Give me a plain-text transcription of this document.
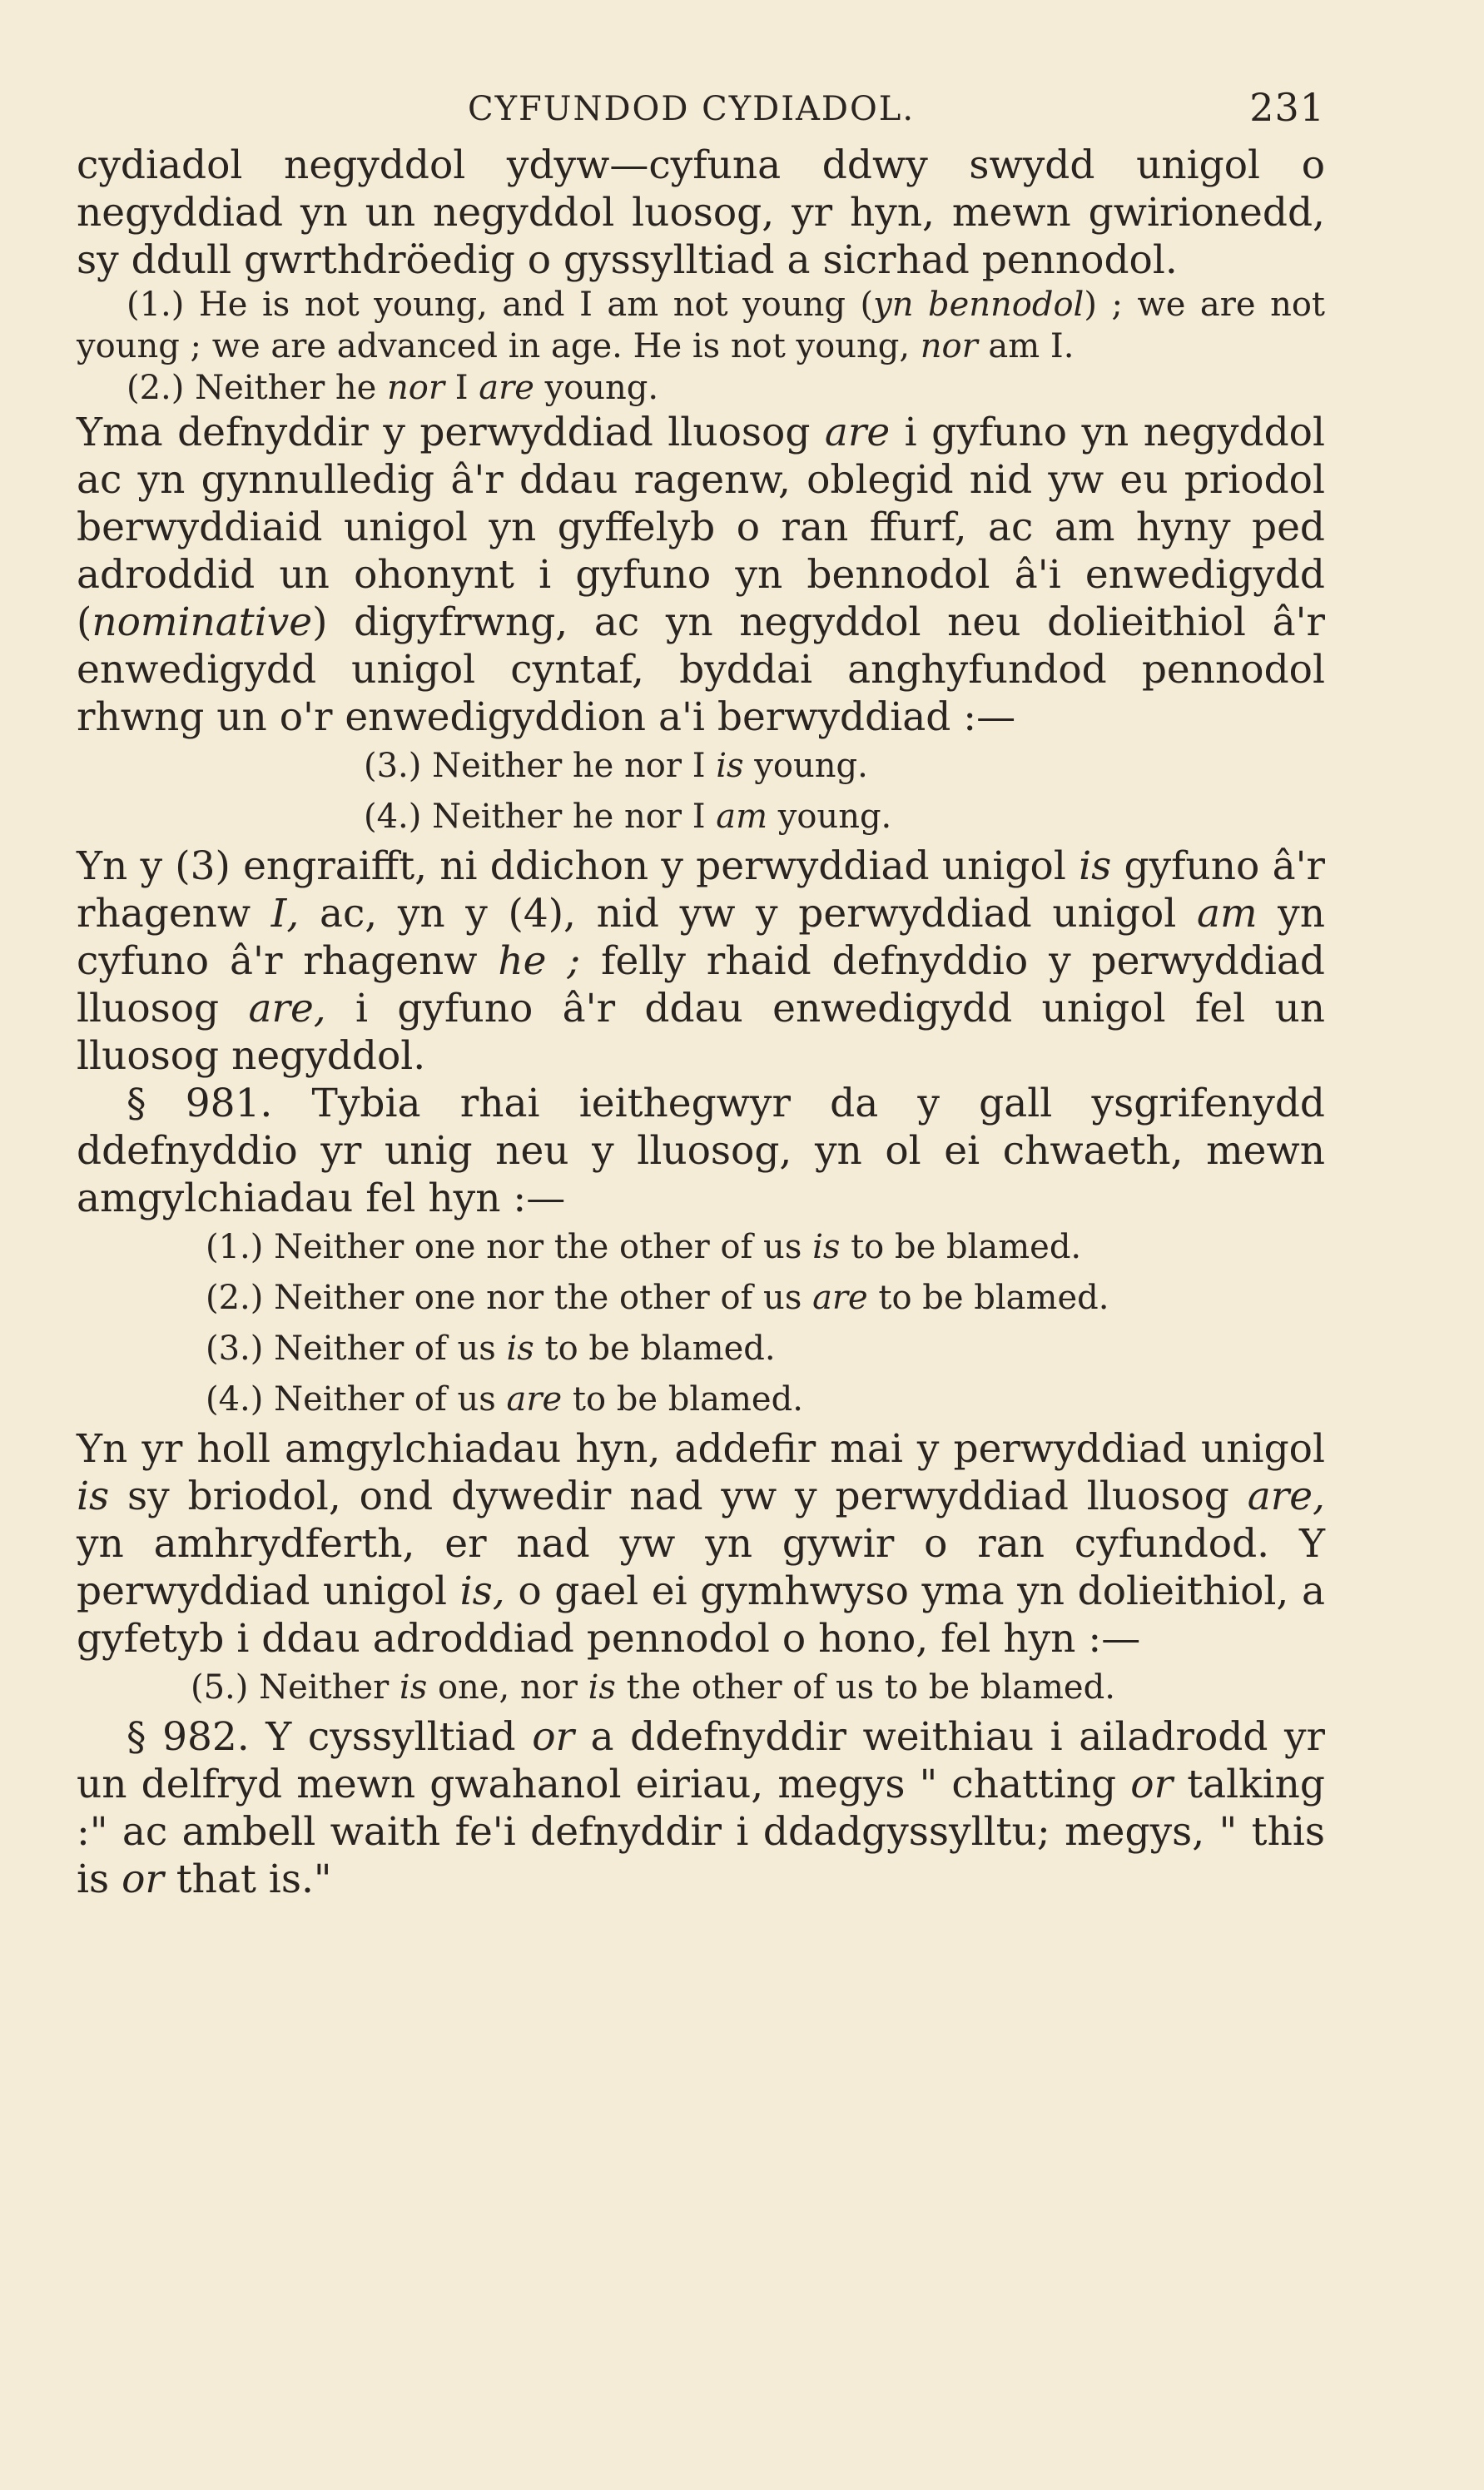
CYFUNDOD CYDIADOL.	231

cydiadol negyddol ydyw—cyfuna ddwy swydd unigol o negyddiad yn un negyddol luosog, yr hyn, mewn gwirionedd, sy ddull gwrthdröedig o gyssylltiad a sicrhad pennodol.

(1.) He is not young, and I am not young (yn bennodol) ; we are not young ; we are advanced in age. He is not young, nor am I.

(2.) Neither he nor I are young.

Yma defnyddir y perwyddiad lluosog are i gyfuno yn negyddol ac yn gynnulledig â'r ddau ragenw, oblegid nid yw eu priodol berwyddiaid unigol yn gyffelyb o ran ffurf, ac am hyny ped adroddid un ohonynt i gyfuno yn bennodol â'i enwedigydd (nominative) digyfrwng, ac yn negyddol neu dolieithiol â'r enwedigydd unigol cyntaf, byddai anghyfundod pennodol rhwng un o'r enwedigyddion a'i berwyddiad :—

(3.) Neither he nor I is young.
(4.) Neither he nor I am young.

Yn y (3) engraifft, ni ddichon y perwyddiad unigol is gyfuno â'r rhagenw I, ac, yn y (4), nid yw y perwyddiad unigol am yn cyfuno â'r rhagenw he ; felly rhaid defnyddio y perwyddiad lluosog are, i gyfuno â'r ddau enwedigydd unigol fel un lluosog negyddol.

§ 981. Tybia rhai ieithegwyr da y gall ysgrifenydd ddefnyddio yr unig neu y lluosog, yn ol ei chwaeth, mewn amgylchiadau fel hyn :—

(1.) Neither one nor the other of us is to be blamed.
(2.) Neither one nor the other of us are to be blamed.
(3.) Neither of us is to be blamed.
(4.) Neither of us are to be blamed.

Yn yr holl amgylchiadau hyn, addefir mai y perwyddiad unigol is sy briodol, ond dywedir nad yw y perwyddiad lluosog are, yn amhrydferth, er nad yw yn gywir o ran cyfundod. Y perwyddiad unigol is, o gael ei gymhwyso yma yn dolieithiol, a gyfetyb i ddau adroddiad pennodol o hono, fel hyn :—

(5.) Neither is one, nor is the other of us to be blamed.

§ 982. Y cyssylltiad or a ddefnyddir weithiau i ailadrodd yr un delfryd mewn gwahanol eiriau, megys " chatting or talking :" ac ambell waith fe'i defnyddir i ddadgyssylltu; megys, " this is or that is."
